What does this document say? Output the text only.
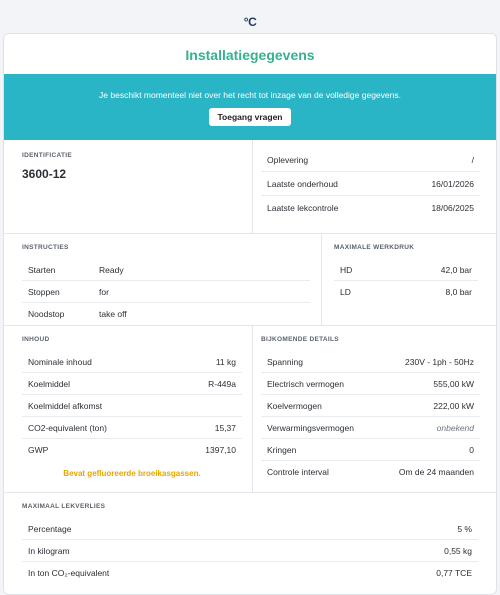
°C
Installatiegegevens
Je beschikt momenteel niet over het recht tot inzage van de volledige gegevens.
Toegang vragen
IDENTIFICATIE
3600-12
Oplevering	/
Laatste onderhoud	16/01/2026
Laatste lekcontrole	18/06/2025
INSTRUCTIES
Starten	Ready
Stoppen	for
Noodstop	take off
MAXIMALE WERKDRUK
HD	42,0 bar
LD	8,0 bar
INHOUD
Nominale inhoud	11 kg
Koelmiddel	R-449a
Koelmiddel afkomst
CO2-equivalent (ton)	15,37
GWP	1397,10
Bevat gefluoreerde broeikasgassen.
BIJKOMENDE DETAILS
Spanning	230V - 1ph - 50Hz
Electrisch vermogen	555,00 kW
Koelvermogen	222,00 kW
Verwarmingsvermogen	onbekend
Kringen	0
Controle interval	Om de 24 maanden
MAXIMAAL LEKVERLIES
Percentage	5 %
In kilogram	0,55 kg
In ton CO₂-equivalent	0,77 TCE
